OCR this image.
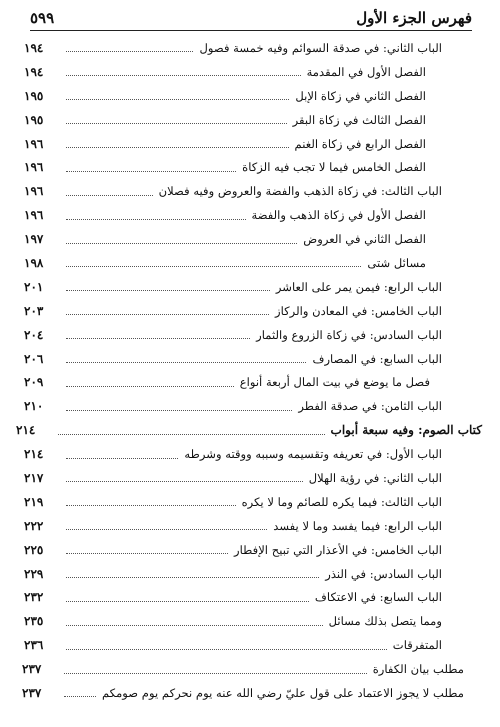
فهرس الجزء الأول
٥٩٩
الباب الثاني: في صدقة السوائم وفيه خمسة فصول
١٩٤
الفصل الأول في المقدمة
١٩٤
الفصل الثاني في زكاة الإبل
١٩٥
الفصل الثالث في زكاة البقر
١٩٥
الفصل الرابع في زكاة الغنم
١٩٦
الفصل الخامس فيما لا تجب فيه الزكاة
١٩٦
الباب الثالث: في زكاة الذهب والفضة والعروض وفيه فصلان
١٩٦
الفصل الأول في زكاة الذهب والفضة
١٩٦
الفصل الثاني في العروض
١٩٧
مسائل شتى
١٩٨
الباب الرابع: فيمن يمر على العاشر
٢٠١
الباب الخامس: في المعادن والركاز
٢٠٣
الباب السادس: في زكاة الزروع والثمار
٢٠٤
الباب السابع: في المصارف
٢٠٦
فصل ما يوضع في بيت المال أربعة أنواع
٢٠٩
الباب الثامن: في صدقة الفطر
٢١٠
كتاب الصوم: وفيه سبعة أبواب
٢١٤
الباب الأول: في تعريفه وتقسيمه وسببه ووقته وشرطه
٢١٤
الباب الثاني: في رؤية الهلال
٢١٧
الباب الثالث: فيما يكره للصائم وما لا يكره
٢١٩
الباب الرابع: فيما يفسد وما لا يفسد
٢٢٢
الباب الخامس: في الأعذار التي تبيح الإفطار
٢٢٥
الباب السادس: في النذر
٢٢٩
الباب السابع: في الاعتكاف
٢٣٢
ومما يتصل بذلك مسائل
٢٣٥
المتفرقات
٢٣٦
مطلب بيان الكفارة
٢٣٧
مطلب لا يجوز الاعتماد على قول عليّ رضي الله عنه يوم نحركم يوم صومكم
٢٣٧
